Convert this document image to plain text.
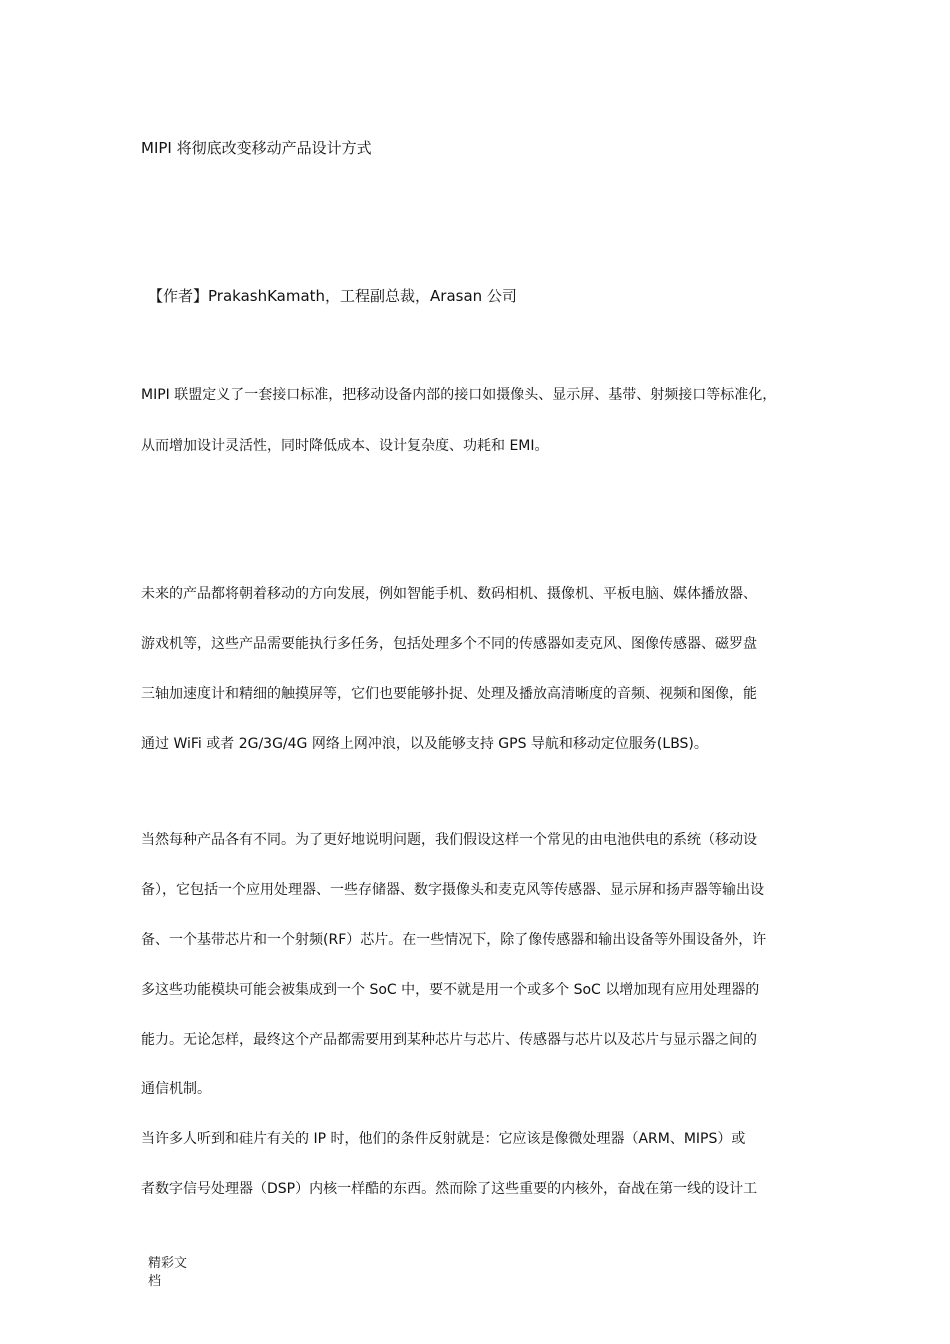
MIPI 将彻底改变移动产品设计方式
【作者】PrakashKamath，工程副总裁，Arasan 公司
MIPI 联盟定义了一套接口标准，把移动设备内部的接口如摄像头、显示屏、基带、射频接口等标准化，
从而增加设计灵活性，同时降低成本、设计复杂度、功耗和 EMI。
未来的产品都将朝着移动的方向发展，例如智能手机、数码相机、摄像机、平板电脑、媒体播放器、
游戏机等，这些产品需要能执行多任务，包括处理多个不同的传感器如麦克风、图像传感器、磁罗盘
三轴加速度计和精细的触摸屏等，它们也要能够扑捉、处理及播放高清晰度的音频、视频和图像，能
通过 WiFi 或者 2G/3G/4G 网络上网冲浪，以及能够支持 GPS 导航和移动定位服务(LBS)。
当然每种产品各有不同。为了更好地说明问题，我们假设这样一个常见的由电池供电的系统（移动设
备），它包括一个应用处理器、一些存储器、数字摄像头和麦克风等传感器、显示屏和扬声器等输出设
备、一个基带芯片和一个射频(RF）芯片。在一些情况下，除了像传感器和输出设备等外围设备外，许
多这些功能模块可能会被集成到一个 SoC 中，要不就是用一个或多个 SoC 以增加现有应用处理器的
能力。无论怎样，最终这个产品都需要用到某种芯片与芯片、传感器与芯片以及芯片与显示器之间的
通信机制。
当许多人听到和硅片有关的 IP 时，他们的条件反射就是：它应该是像微处理器（ARM、MIPS）或
者数字信号处理器（DSP）内核一样酷的东西。然而除了这些重要的内核外，奋战在第一线的设计工
精彩文档
